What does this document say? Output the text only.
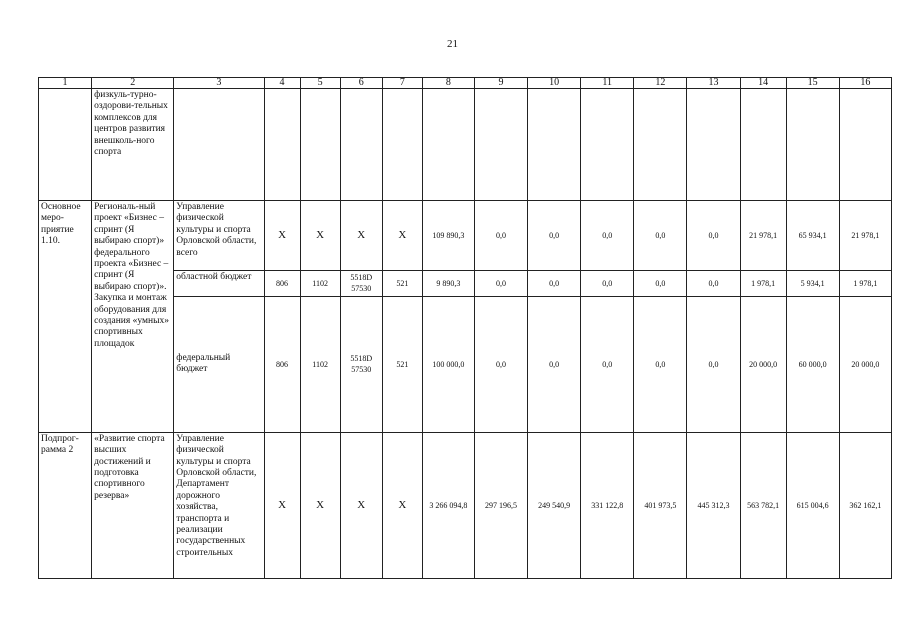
21
1	2	3	4	5	6	7	8	9	10	11	12	13	14	15	16
	физкуль-турно-оздорови-тельных комплексов для центров развития внешколь-ного спорта														
Основное меро-приятие 1.10.	Региональ-ный проект «Бизнес – спринт (Я выбираю спорт)» федерального проекта «Бизнес – спринт (Я выбираю спорт)». Закупка и монтаж оборудования для создания «умных» спортивных площадок	Управление физической культуры и спорта Орловской области, всего	X	X	X	X	109 890,3	0,0	0,0	0,0	0,0	0,0	21 978,1	65 934,1	21 978,1
		областной бюджет	806	1102	5518D 57530	521	9 890,3	0,0	0,0	0,0	0,0	0,0	1 978,1	5 934,1	1 978,1
		федеральный бюджет	806	1102	5518D 57530	521	100 000,0	0,0	0,0	0,0	0,0	0,0	20 000,0	60 000,0	20 000,0
Подпрог-рамма 2	«Развитие спорта высших достижений и подготовка спортивного резерва»	Управление физической культуры и спорта Орловской области, Департамент дорожного хозяйства, транспорта и реализации государственных строительных	X	X	X	X	3 266 094,8	297 196,5	249 540,9	331 122,8	401 973,5	445 312,3	563 782,1	615 004,6	362 162,1
